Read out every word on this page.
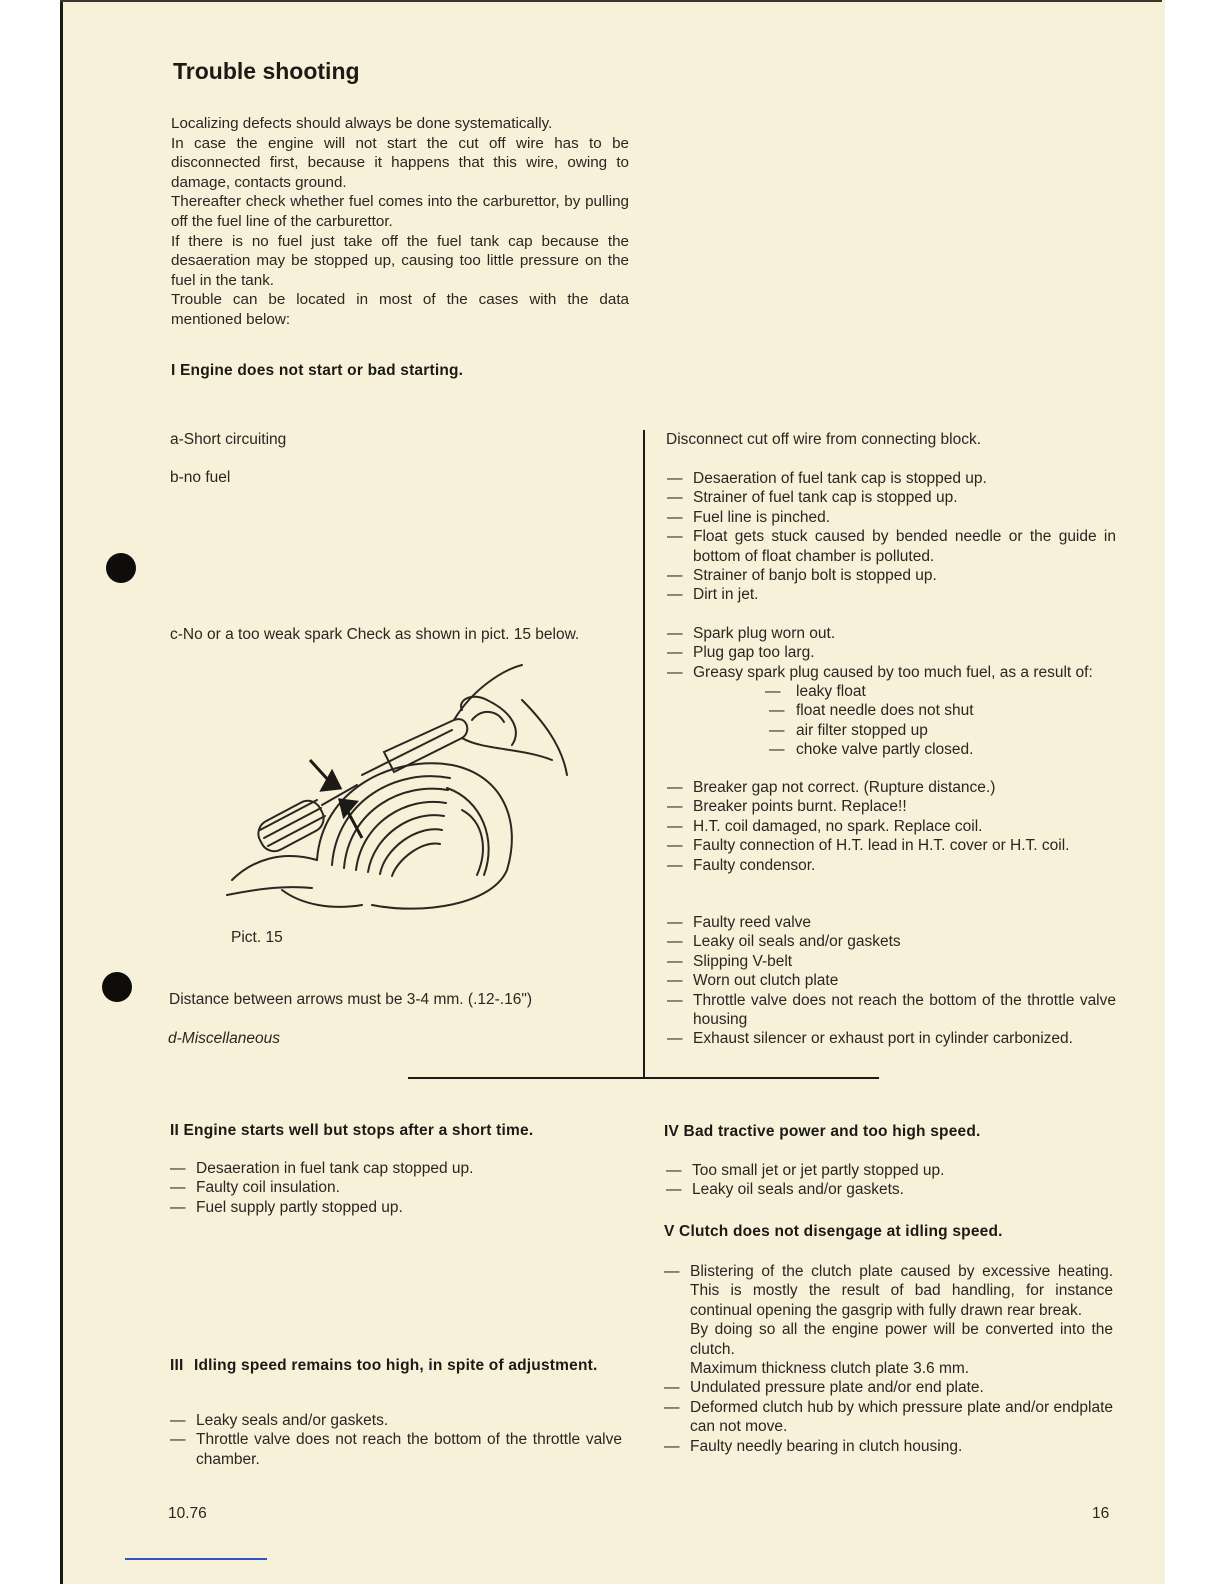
Trouble shooting

Localizing defects should always be done systematically.

In case the engine will not start the cut off wire has to be disconnected first, because it happens that this wire, owing to damage, contacts ground.

Thereafter check whether fuel comes into the carburettor, by pulling off the fuel line of the carburettor.

If there is no fuel just take off the fuel tank cap because the desaeration may be stopped up, causing too little pressure on the fuel in the tank.

Trouble can be located in most of the cases with the data mentioned below:

I Engine does not start or bad starting.
a-Short circuiting
b-no fuel
c-No or a too weak spark Check as shown in pict. 15 below.
Pict. 15
Distance between arrows must be 3-4 mm. (.12-.16")
d-Miscellaneous
Disconnect cut off wire from connecting block.
— Desaeration of fuel tank cap is stopped up.
— Strainer of fuel tank cap is stopped up.
— Fuel line is pinched.
— Float gets stuck caused by bended needle or the guide in bottom of float chamber is polluted.
— Strainer of banjo bolt is stopped up.
— Dirt in jet.
— Spark plug worn out.
— Plug gap too larg.
— Greasy spark plug caused by too much fuel, as a result of:
— leaky float
— float needle does not shut
— air filter stopped up
— choke valve partly closed.
— Breaker gap not correct. (Rupture distance.)
— Breaker points burnt. Replace!!
— H.T. coil damaged, no spark. Replace coil.
— Faulty connection of H.T. lead in H.T. cover or H.T. coil.
— Faulty condensor.
— Faulty reed valve
— Leaky oil seals and/or gaskets
— Slipping V-belt
— Worn out clutch plate
— Throttle valve does not reach the bottom of the throttle valve housing
— Exhaust silencer or exhaust port in cylinder carbonized.
II Engine starts well but stops after a short time.
— Desaeration in fuel tank cap stopped up.
— Faulty coil insulation.
— Fuel supply partly stopped up.
III Idling speed remains too high, in spite of adjustment.
— Leaky seals and/or gaskets.
— Throttle valve does not reach the bottom of the throttle valve chamber.
IV Bad tractive power and too high speed.
— Too small jet or jet partly stopped up.
— Leaky oil seals and/or gaskets.
V Clutch does not disengage at idling speed.
— Blistering of the clutch plate caused by excessive heating. This is mostly the result of bad handling, for instance continual opening the gasgrip with fully drawn rear break.
By doing so all the engine power will be converted into the clutch.
Maximum thickness clutch plate 3.6 mm.
— Undulated pressure plate and/or end plate.
— Deformed clutch hub by which pressure plate and/or endplate can not move.
— Faulty needly bearing in clutch housing.
10.76	16
